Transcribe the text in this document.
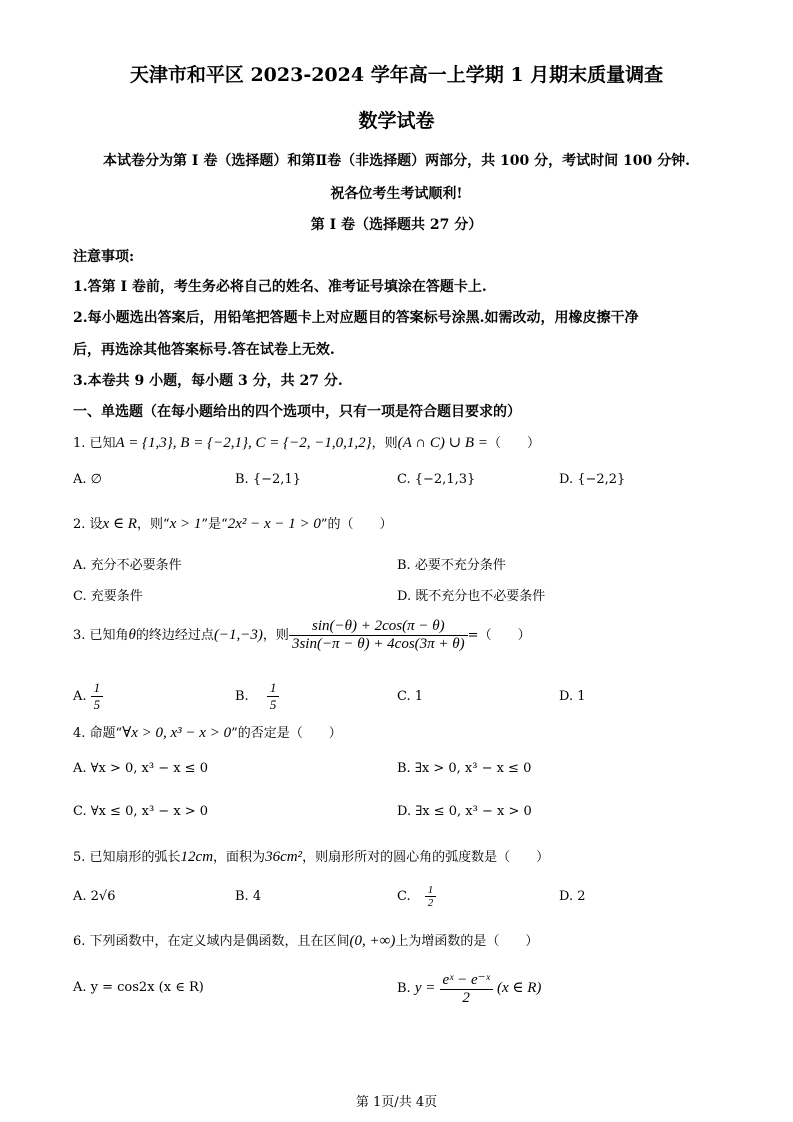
天津市和平区 2023-2024 学年高一上学期 1 月期末质量调查
数学试卷
本试卷分为第 I 卷（选择题）和第Ⅱ卷（非选择题）两部分，共 100 分，考试时间 100 分钟.
祝各位考生考试顺利!
第 I 卷（选择题共 27 分）
注意事项:
1.答第 I 卷前，考生务必将自己的姓名、准考证号填涂在答题卡上.
2.每小题选出答案后，用铅笔把答题卡上对应题目的答案标号涂黑.如需改动，用橡皮擦干净
后，再选涂其他答案标号.答在试卷上无效.
3.本卷共 9 小题，每小题 3 分，共 27 分.
一、单选题（在每小题给出的四个选项中，只有一项是符合题目要求的）
1. 已知A = {1,3}, B = {−2,1}, C = {−2, −1,0,1,2}，则(A ∩ C) ∪ B =（　　）
A. ∅	B. {−2,1}	C. {−2,1,3}	D. {−2,2}
2. 设x ∈ R，则“x > 1”是“2x² − x − 1 > 0”的（　　）
A. 充分不必要条件	B. 必要不充分条件
C. 充要条件	D. 既不充分也不必要条件
3. 已知角θ的终边经过点(−1,−3)，则 $\frac{\sin(-\theta) + 2\cos(\pi - \theta)}{3\sin(-\pi - \theta) + 4\cos(3\pi + \theta)}$ =（　　）
A. $\frac{1}{5}$	B. $\frac{1}{5}$	C. 1	D. 1
4. 命题“∀x > 0, x³ − x > 0”的否定是（　　）
A. ∀x > 0, x³ − x ≤ 0	B. ∃x > 0, x³ − x ≤ 0
C. ∀x ≤ 0, x³ − x > 0	D. ∃x ≤ 0, x³ − x > 0
5. 已知扇形的弧长12cm，面积为36cm²，则扇形所对的圆心角的弧度数是（　　）
A. 2√6	B. 4	C. $\frac{1}{2}$	D. 2
6. 下列函数中，在定义域内是偶函数，且在区间(0, +∞)上为增函数的是（　　）
A. y = cos2x (x ∈ R)	B. $y = \frac{\text{eˣ − e⁻ˣ}}{2} (x$ ∈ R)
第 1页/共 4页
